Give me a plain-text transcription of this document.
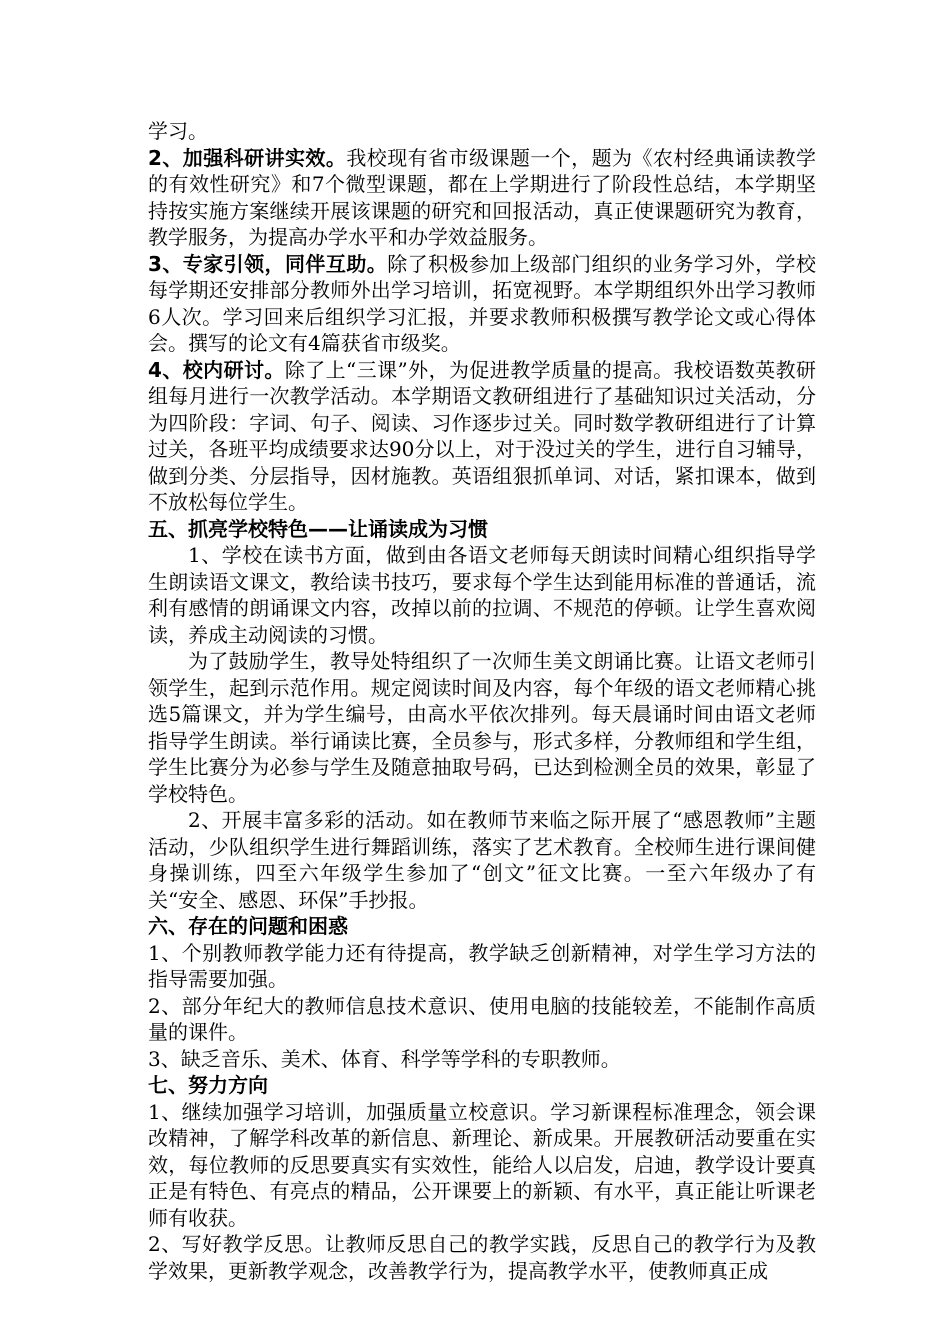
学习。

2、加强科研讲实效。我校现有省市级课题一个，题为《农村经典诵读教学的有效性研究》和7个微型课题，都在上学期进行了阶段性总结，本学期坚持按实施方案继续开展该课题的研究和回报活动，真正使课题研究为教育，教学服务，为提高办学水平和办学效益服务。

3、专家引领，同伴互助。除了积极参加上级部门组织的业务学习外，学校每学期还安排部分教师外出学习培训，拓宽视野。本学期组织外出学习教师6人次。学习回来后组织学习汇报，并要求教师积极撰写教学论文或心得体会。撰写的论文有4篇获省市级奖。

4、校内研讨。除了上“三课”外，为促进教学质量的提高。我校语数英教研组每月进行一次教学活动。本学期语文教研组进行了基础知识过关活动，分为四阶段：字词、句子、阅读、习作逐步过关。同时数学教研组进行了计算过关，各班平均成绩要求达90分以上，对于没过关的学生，进行自习辅导，做到分类、分层指导，因材施教。英语组狠抓单词、对话，紧扣课本，做到不放松每位学生。

五、抓亮学校特色——让诵读成为习惯

1、学校在读书方面，做到由各语文老师每天朗读时间精心组织指导学生朗读语文课文，教给读书技巧，要求每个学生达到能用标准的普通话，流利有感情的朗诵课文内容，改掉以前的拉调、不规范的停顿。让学生喜欢阅读，养成主动阅读的习惯。

为了鼓励学生，教导处特组织了一次师生美文朗诵比赛。让语文老师引领学生，起到示范作用。规定阅读时间及内容，每个年级的语文老师精心挑选5篇课文，并为学生编号，由高水平依次排列。每天晨诵时间由语文老师指导学生朗读。举行诵读比赛，全员参与，形式多样，分教师组和学生组，学生比赛分为必参与学生及随意抽取号码，已达到检测全员的效果，彰显了学校特色。

2、开展丰富多彩的活动。如在教师节来临之际开展了“感恩教师”主题活动，少队组织学生进行舞蹈训练，落实了艺术教育。全校师生进行课间健身操训练，四至六年级学生参加了“创文”征文比赛。一至六年级办了有关“安全、感恩、环保”手抄报。

六、存在的问题和困惑

1、个别教师教学能力还有待提高，教学缺乏创新精神，对学生学习方法的指导需要加强。

2、部分年纪大的教师信息技术意识、使用电脑的技能较差，不能制作高质量的课件。

3、缺乏音乐、美术、体育、科学等学科的专职教师。

七、努力方向

1、继续加强学习培训，加强质量立校意识。学习新课程标准理念，领会课改精神，了解学科改革的新信息、新理论、新成果。开展教研活动要重在实效，每位教师的反思要真实有实效性，能给人以启发，启迪，教学设计要真正是有特色、有亮点的精品，公开课要上的新颖、有水平，真正能让听课老师有收获。

2、写好教学反思。让教师反思自己的教学实践，反思自己的教学行为及教学效果，更新教学观念，改善教学行为，提高教学水平，使教师真正成
